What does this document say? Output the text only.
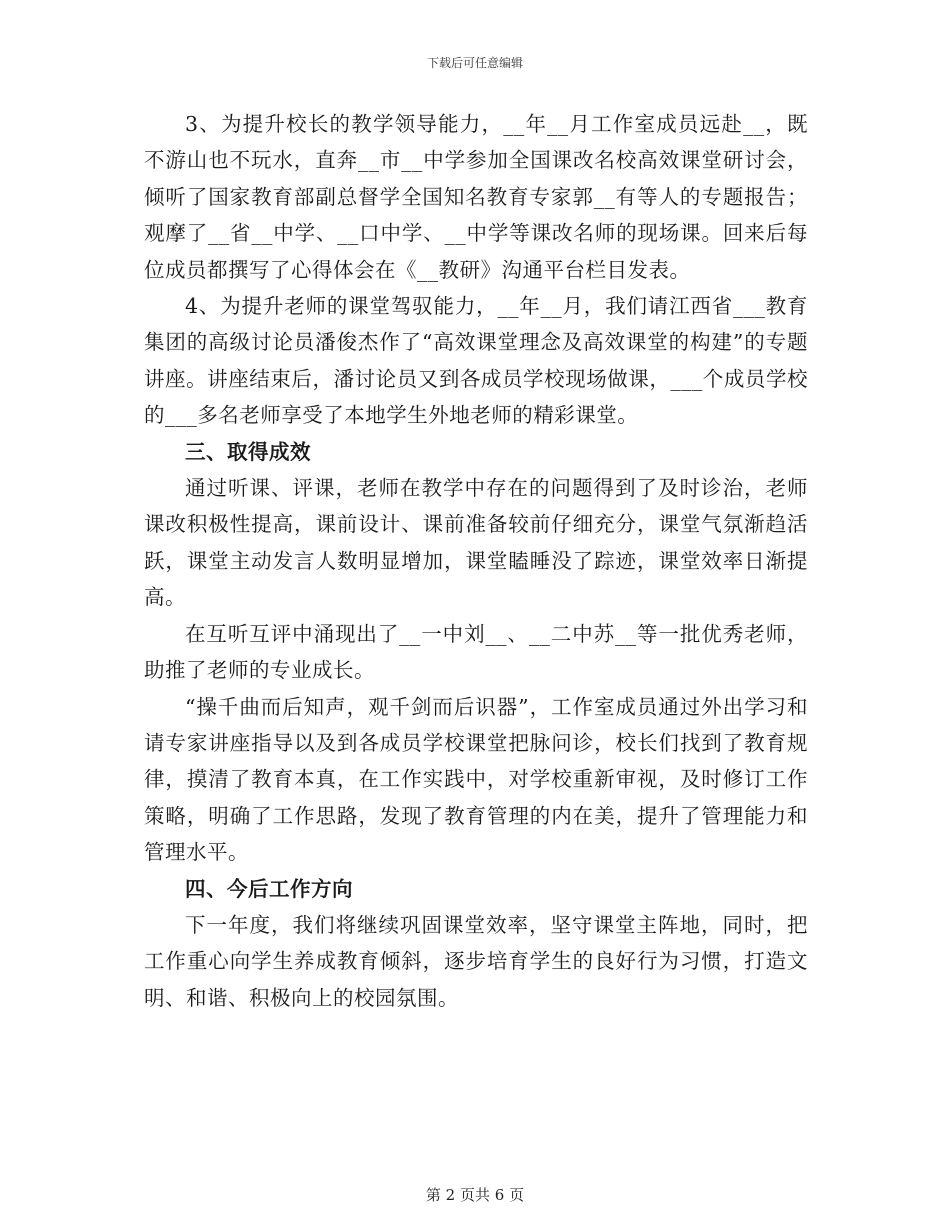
下载后可任意编辑

3、为提升校长的教学领导能力，__年__月工作室成员远赴__，既不游山也不玩水，直奔__市__中学参加全国课改名校高效课堂研讨会，倾听了国家教育部副总督学全国知名教育专家郭__有等人的专题报告；观摩了__省__中学、__口中学、__中学等课改名师的现场课。回来后每位成员都撰写了心得体会在《__教研》沟通平台栏目发表。

4、为提升老师的课堂驾驭能力，__年__月，我们请江西省___教育集团的高级讨论员潘俊杰作了“高效课堂理念及高效课堂的构建”的专题讲座。讲座结束后，潘讨论员又到各成员学校现场做课，___个成员学校的___多名老师享受了本地学生外地老师的精彩课堂。

三、取得成效

通过听课、评课，老师在教学中存在的问题得到了及时诊治，老师课改积极性提高，课前设计、课前准备较前仔细充分，课堂气氛渐趋活跃，课堂主动发言人数明显增加，课堂瞌睡没了踪迹，课堂效率日渐提高。

在互听互评中涌现出了__一中刘__、__二中苏__等一批优秀老师，助推了老师的专业成长。

“操千曲而后知声，观千剑而后识器”，工作室成员通过外出学习和请专家讲座指导以及到各成员学校课堂把脉问诊，校长们找到了教育规律，摸清了教育本真，在工作实践中，对学校重新审视，及时修订工作策略，明确了工作思路，发现了教育管理的内在美，提升了管理能力和管理水平。

四、今后工作方向

下一年度，我们将继续巩固课堂效率，坚守课堂主阵地，同时，把工作重心向学生养成教育倾斜，逐步培育学生的良好行为习惯，打造文明、和谐、积极向上的校园氛围。

第 2 页共 6 页
